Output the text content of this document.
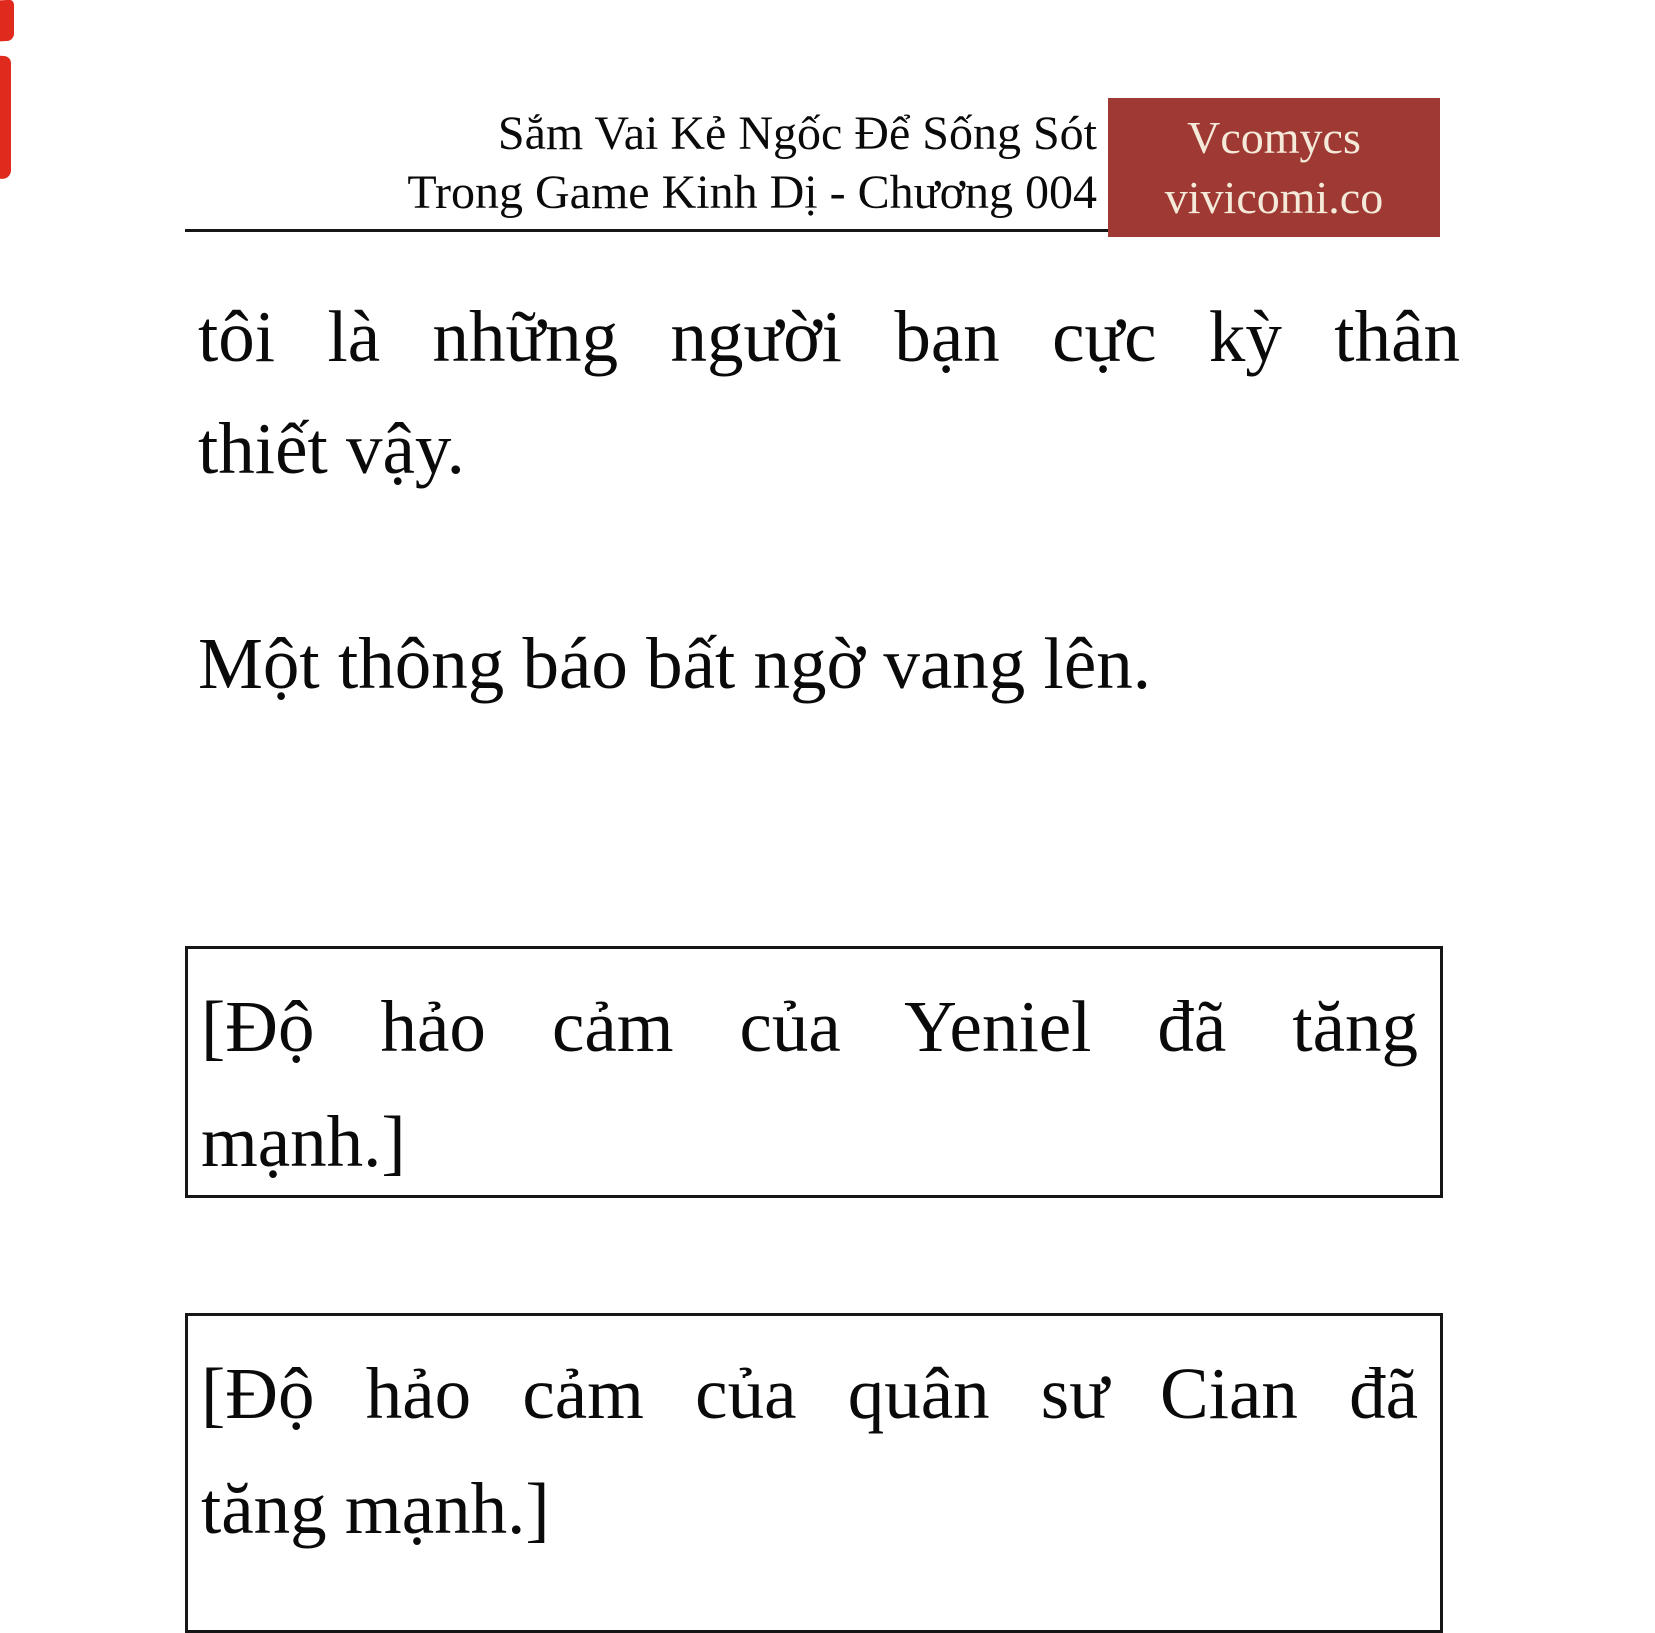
Sắm Vai Kẻ Ngốc Để Sống Sót
Trong Game Kinh Dị - Chương 004
Vcomycs
vivicomi.co
tôi là những người bạn cực kỳ thân
thiết vậy.
Một thông báo bất ngờ vang lên.
[Độ hảo cảm của Yeniel đã tăng
mạnh.]
[Độ hảo cảm của quân sư Cian đã
tăng mạnh.]
